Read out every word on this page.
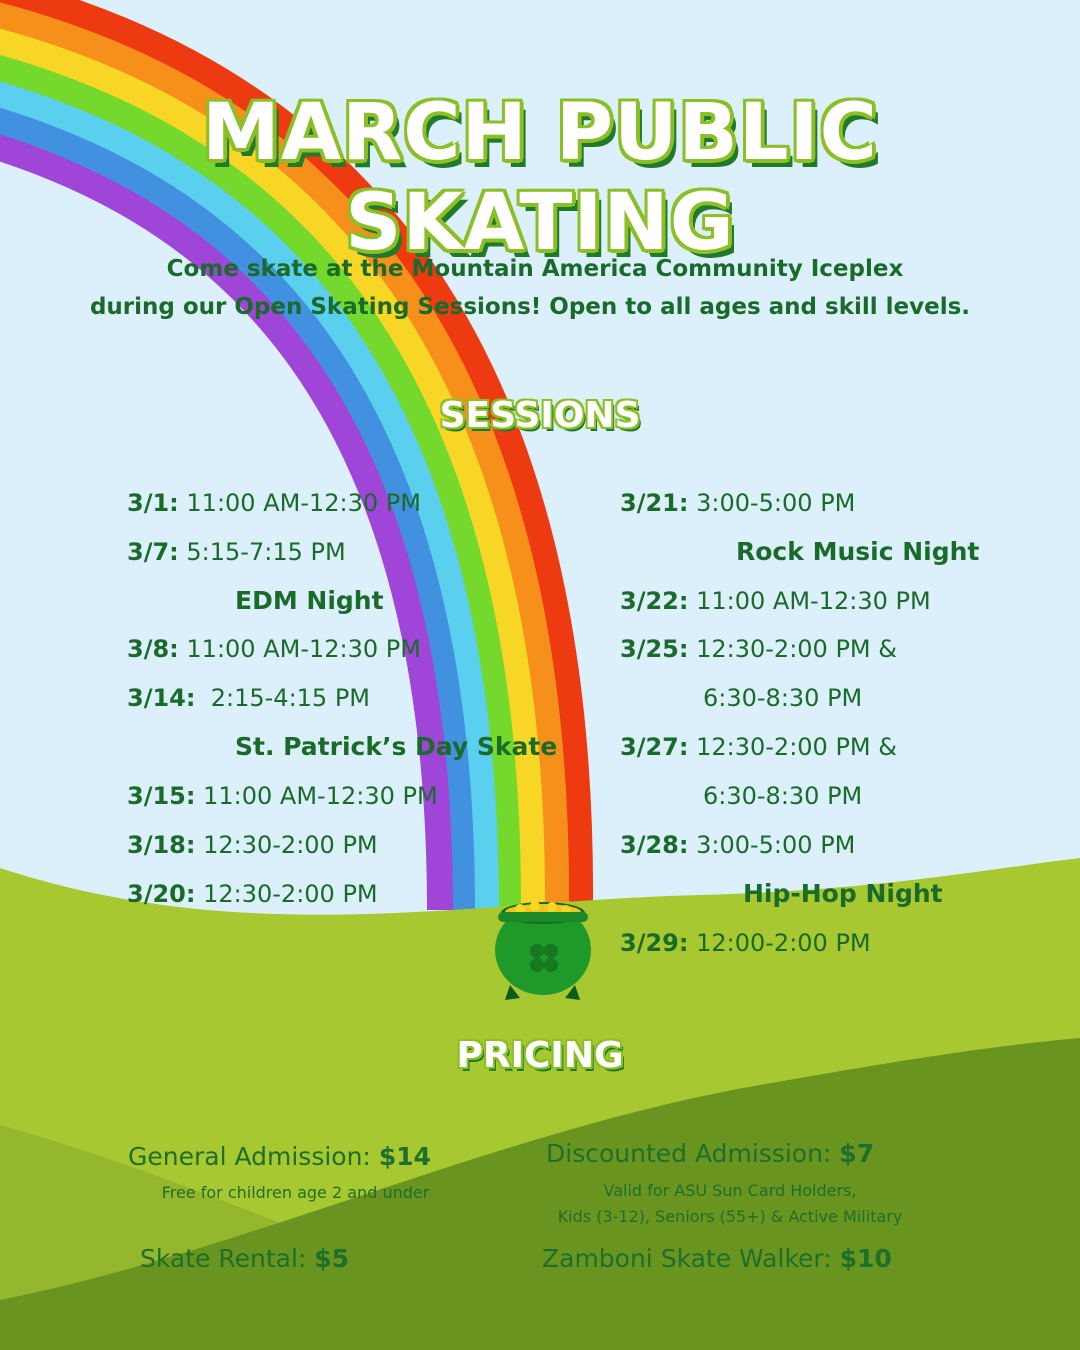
MARCH PUBLIC SKATING
Come skate at the Mountain America Community Iceplex
during our Open Skating Sessions! Open to all ages and skill levels.
SESSIONS
3/1: 11:00 AM-12:30 PM
3/7: 5:15-7:15 PM
EDM Night
3/8: 11:00 AM-12:30 PM
3/14:  2:15-4:15 PM
St. Patrick’s Day Skate
3/15: 11:00 AM-12:30 PM
3/18: 12:30-2:00 PM
3/20: 12:30-2:00 PM
3/21: 3:00-5:00 PM
Rock Music Night
3/22: 11:00 AM-12:30 PM
3/25: 12:30-2:00 PM &
6:30-8:30 PM
3/27: 12:30-2:00 PM &
6:30-8:30 PM
3/28: 3:00-5:00 PM
Hip-Hop Night
3/29: 12:00-2:00 PM
PRICING
General Admission: $14
Free for children age 2 and under
Discounted Admission: $7
Valid for ASU Sun Card Holders,
Kids (3-12), Seniors (55+) & Active Military
Skate Rental: $5	Zamboni Skate Walker: $10
